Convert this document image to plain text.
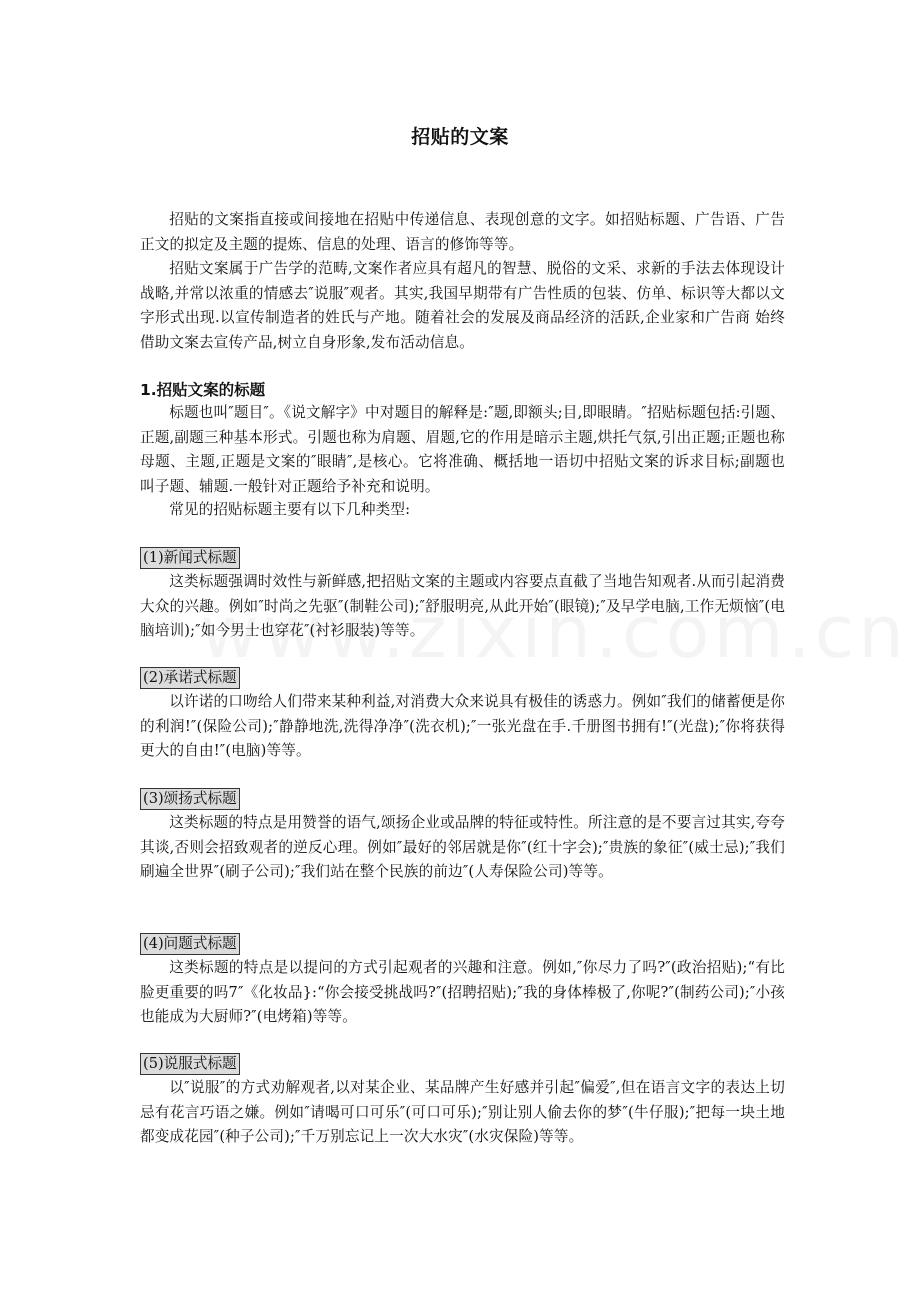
招贴的文案

招贴的文案指直接或间接地在招贴中传递信息、表现创意的文字。如招贴标题、广告语、广告正文的拟定及主题的提炼、信息的处理、语言的修饰等等。

招贴文案属于广告学的范畴,文案作者应具有超凡的智慧、脱俗的文采、求新的手法去体现设计战略,并常以浓重的情感去″说服″观者。其实,我国早期带有广告性质的包装、仿单、标识等大都以文字形式出现.以宣传制造者的姓氏与产地。随着社会的发展及商品经济的活跃,企业家和广告商 始终借助文案去宣传产品,树立自身形象,发布活动信息。

1.招贴文案的标题

标题也叫″题目″。《说文解字》中对题目的解释是:″题,即额头;目,即眼睛。″招贴标题包括:引题、正题,副题三种基本形式。引题也称为肩题、眉题,它的作用是暗示主题,烘托气氛,引出正题;正题也称母题、主题,正题是文案的″眼睛″,是核心。它将准确、概括地一语切中招贴文案的诉求目标;副题也叫子题、辅题.一般针对正题给予补充和说明。

常见的招贴标题主要有以下几种类型:

(1)新闻式标题

这类标题强调时效性与新鲜感,把招贴文案的主题或内容要点直截了当地告知观者.从而引起消费大众的兴趣。例如″时尚之先驱″(制鞋公司);″舒服明亮,从此开始″(眼镜);″及早学电脑,工作无烦恼″(电脑培训);″如今男士也穿花″(衬衫服装)等等。

(2)承诺式标题

以许诺的口吻给人们带来某种利益,对消费大众来说具有极佳的诱惑力。例如″我们的储蓄便是你的利润!″(保险公司);″静静地洗,洗得净净″(洗衣机);″一张光盘在手.千册图书拥有!″(光盘);″你将获得更大的自由!″(电脑)等等。

(3)颂扬式标题

这类标题的特点是用赞誉的语气,颂扬企业或品牌的特征或特性。所注意的是不要言过其实,夸夸其谈,否则会招致观者的逆反心理。例如″最好的邻居就是你″(红十字会);″贵族的象征″(威士忌);″我们刷遍全世界″(刷子公司);″我们站在整个民族的前边″(人寿保险公司)等等。

(4)问题式标题

这类标题的特点是以提问的方式引起观者的兴趣和注意。例如,″你尽力了吗?″(政治招贴);“有比脸更重要的吗7″《化妆品}:“你会接受挑战吗?″(招聘招贴);″我的身体棒极了,你呢?″(制药公司);″小孩也能成为大厨师?″(电烤箱)等等。

(5)说服式标题

以″说服″的方式劝解观者,以对某企业、某品牌产生好感并引起″偏爱″,但在语言文字的表达上切忌有花言巧语之嫌。例如″请喝可口可乐″(可口可乐);″别让别人偷去你的梦″(牛仔服);″把每一块土地都变成花园″(种子公司);″千万别忘记上一次大水灾″(水灾保险)等等。
